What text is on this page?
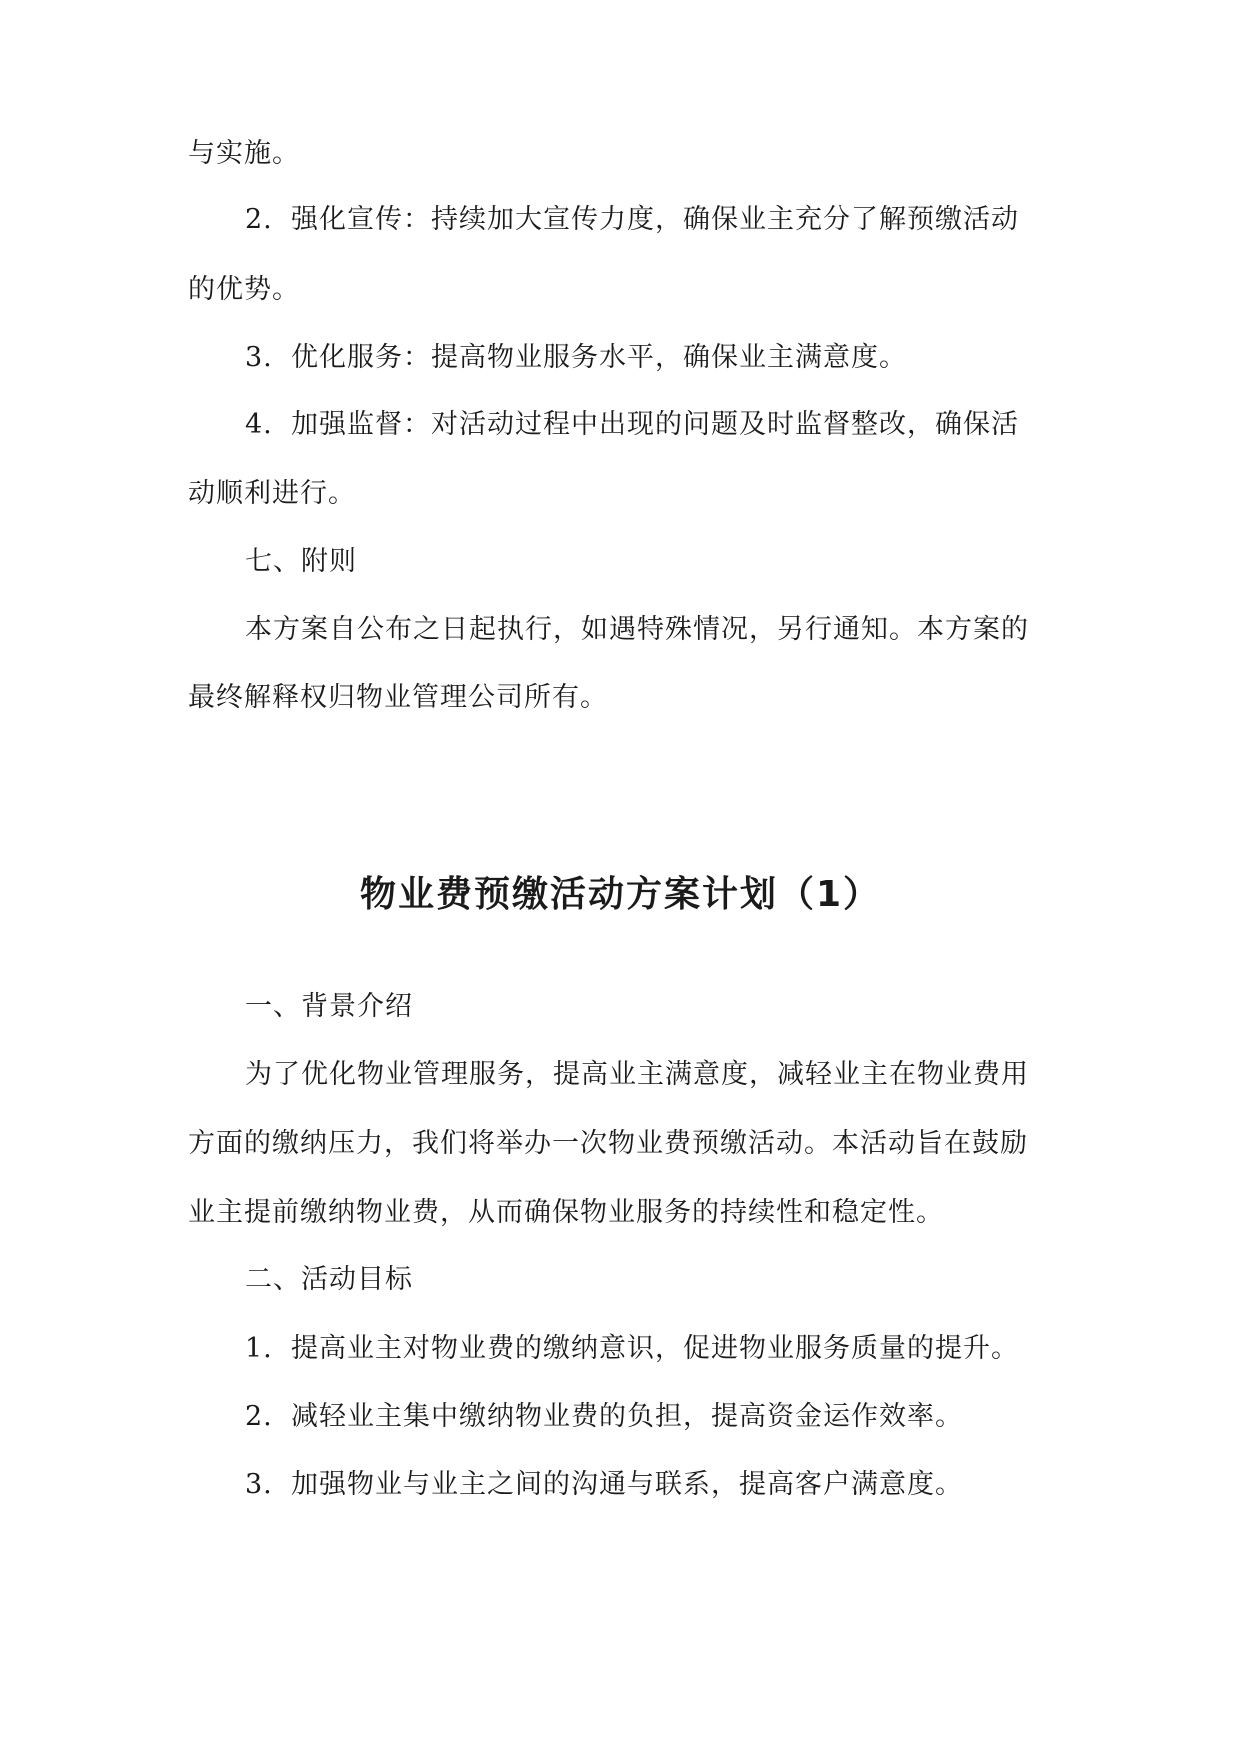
与实施。
2. 强化宣传：持续加大宣传力度，确保业主充分了解预缴活动
的优势。
3. 优化服务：提高物业服务水平，确保业主满意度。
4. 加强监督：对活动过程中出现的问题及时监督整改，确保活
动顺利进行。
七、附则
本方案自公布之日起执行，如遇特殊情况，另行通知。本方案的
最终解释权归物业管理公司所有。
物业费预缴活动方案计划（1）
一、背景介绍
为了优化物业管理服务，提高业主满意度，减轻业主在物业费用
方面的缴纳压力，我们将举办一次物业费预缴活动。本活动旨在鼓励
业主提前缴纳物业费，从而确保物业服务的持续性和稳定性。
二、活动目标
1. 提高业主对物业费的缴纳意识，促进物业服务质量的提升。
2. 减轻业主集中缴纳物业费的负担，提高资金运作效率。
3. 加强物业与业主之间的沟通与联系，提高客户满意度。
